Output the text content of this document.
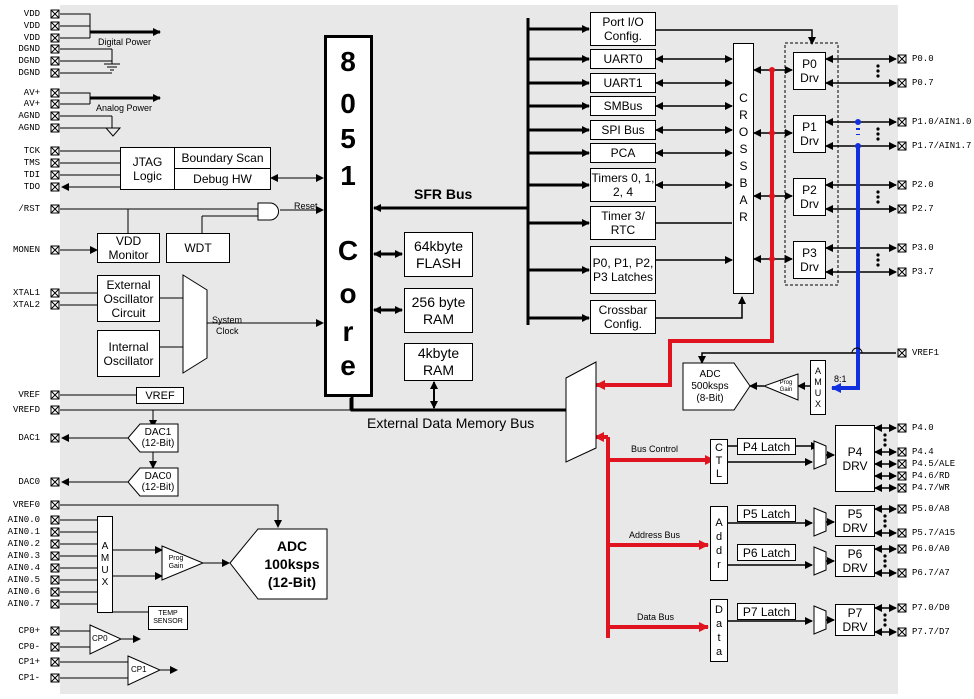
VDD
VDD
VDD
DGND
DGND
DGND
AV+
AV+
AGND
AGND
TCK
TMS
TDI
TDO
/RST
MONEN
XTAL1
XTAL2
VREF
VREFD
DAC1
DAC0
VREF0
AIN0.0
AIN0.1
AIN0.2
AIN0.3
AIN0.4
AIN0.5
AIN0.6
AIN0.7
CP0+
CP0-
CP1+
CP1-
Digital Power
Analog Power
Reset
System
Clock
JTAG Logic
Boundary Scan
Debug HW
VDD Monitor	WDT
External Oscillator Circuit
Internal Oscillator
VREF
DAC1 (12-Bit)
DAC0 (12-Bit)
AMUX
Prog Gain
ADC
100ksps
(12-Bit)
TEMP SENSOR
CP0
CP1
8
0
5
1
C
o
r
e
SFR Bus
External Data Memory Bus
64kbyte FLASH
256 byte RAM
4kbyte RAM
Port I/O Config.
UART0
UART1
SMBus
SPI Bus
PCA
Timers 0, 1, 2, 4
Timer 3/ RTC
P0, P1, P2, P3 Latches
Crossbar Config.
C
R
O
S
S
B
A
R
P0 Drv
P1 Drv
P2 Drv
P3 Drv
P0.0
P0.7
P1.0/AIN1.0
P1.7/AIN1.7
P2.0
P2.7
P3.0
P3.7
P4.0
P4.4
P4.5/ALE
P4.6/RD
P4.7/WR
P5.0/A8
P5.7/A15
P6.0/A0
P6.7/A7
P7.0/D0
P7.7/D7
VREF1
ADC 500ksps (8-Bit)
Prog Gain
AMUX
8:1
Bus Control
Address Bus
Data Bus
CTL
Addr
Data
P4 Latch
P5 Latch
P6 Latch
P7 Latch
P4 DRV
P5 DRV
P6 DRV
P7 DRV
